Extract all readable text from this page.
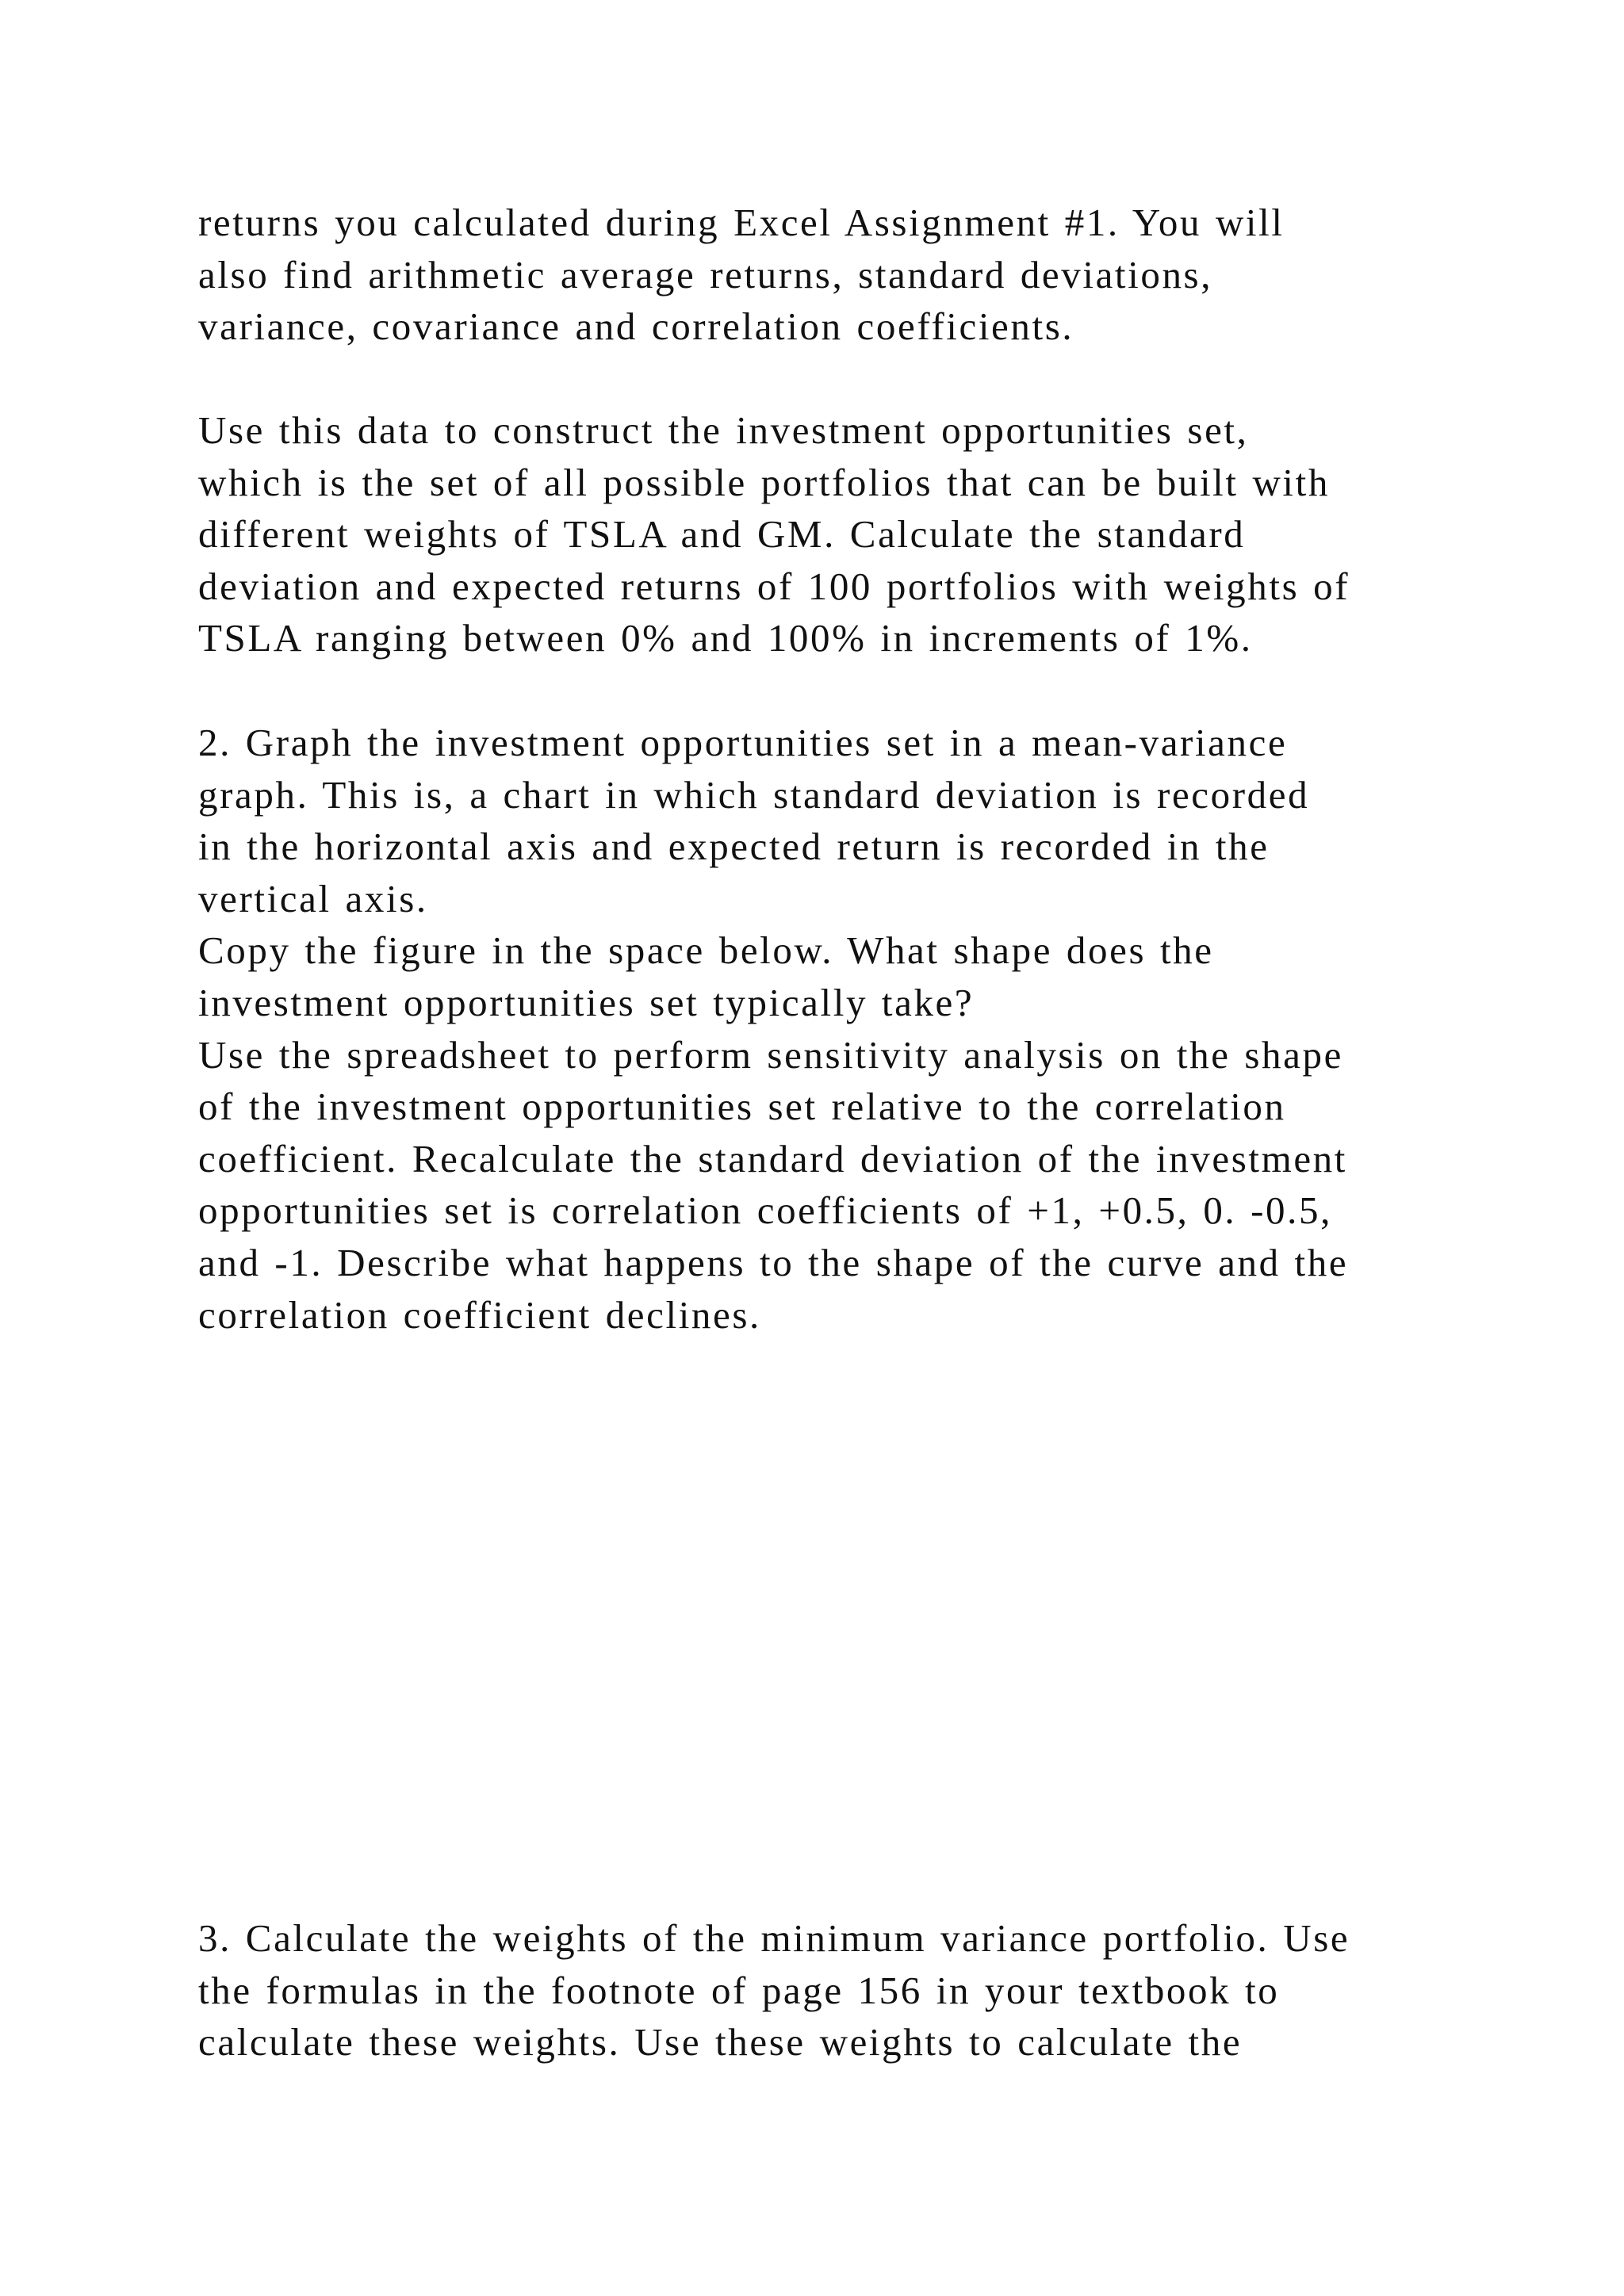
returns you calculated during Excel Assignment #1. You will
also find arithmetic average returns, standard deviations,
variance, covariance and correlation coefficients.
Use this data to construct the investment opportunities set,
which is the set of all possible portfolios that can be built with
different weights of TSLA and GM. Calculate the standard
deviation and expected returns of 100 portfolios with weights of
TSLA ranging between 0% and 100% in increments of 1%.
2. Graph the investment opportunities set in a mean-variance
graph. This is, a chart in which standard deviation is recorded
in the horizontal axis and expected return is recorded in the
vertical axis.
Copy the figure in the space below. What shape does the
investment opportunities set typically take?
Use the spreadsheet to perform sensitivity analysis on the shape
of the investment opportunities set relative to the correlation
coefficient. Recalculate the standard deviation of the investment
opportunities set is correlation coefficients of +1, +0.5, 0. -0.5,
and -1. Describe what happens to the shape of the curve and the
correlation coefficient declines.
3. Calculate the weights of the minimum variance portfolio. Use
the formulas in the footnote of page 156 in your textbook to
calculate these weights. Use these weights to calculate the
